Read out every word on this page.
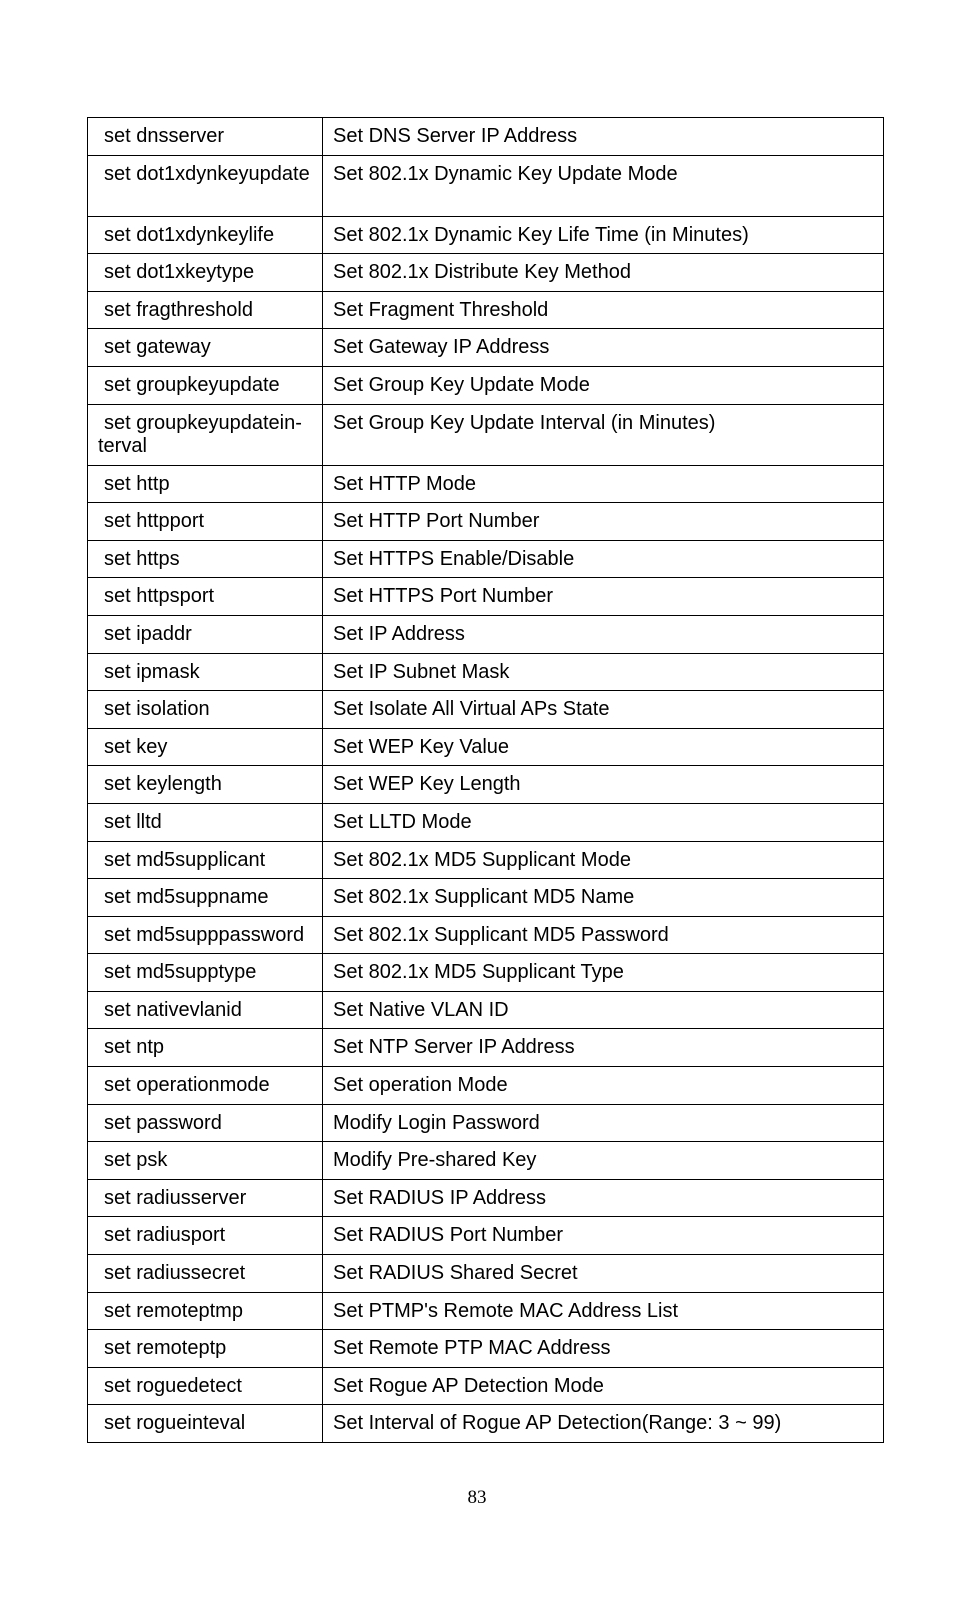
set dnsserver	Set DNS Server IP Address
set dot1xdynkeyupdate	Set 802.1x Dynamic Key Update Mode
set dot1xdynkeylife	Set 802.1x Dynamic Key Life Time (in Minutes)
set dot1xkeytype	Set 802.1x Distribute Key Method
set fragthreshold	Set Fragment Threshold
set gateway	Set Gateway IP Address
set groupkeyupdate	Set Group Key Update Mode
set groupkeyupdatein-terval	Set Group Key Update Interval (in Minutes)
set http	Set HTTP Mode
set httpport	Set HTTP Port Number
set https	Set HTTPS Enable/Disable
set httpsport	Set HTTPS Port Number
set ipaddr	Set IP Address
set ipmask	Set IP Subnet Mask
set isolation	Set Isolate All Virtual APs State
set key	Set WEP Key Value
set keylength	Set WEP Key Length
set lltd	Set LLTD Mode
set md5supplicant	Set 802.1x MD5 Supplicant Mode
set md5suppname	Set 802.1x Supplicant MD5 Name
set md5supppassword	Set 802.1x Supplicant MD5 Password
set md5supptype	Set 802.1x MD5 Supplicant Type
set nativevlanid	Set Native VLAN ID
set ntp	Set NTP Server IP Address
set operationmode	Set operation Mode
set password	Modify Login Password
set psk	Modify Pre-shared Key
set radiusserver	Set RADIUS IP Address
set radiusport	Set RADIUS Port Number
set radiussecret	Set RADIUS Shared Secret
set remoteptmp	Set PTMP's Remote MAC Address List
set remoteptp	Set Remote PTP MAC Address
set roguedetect	Set Rogue AP Detection Mode
set rogueinteval	Set Interval of Rogue AP Detection(Range: 3 ~ 99)
83
